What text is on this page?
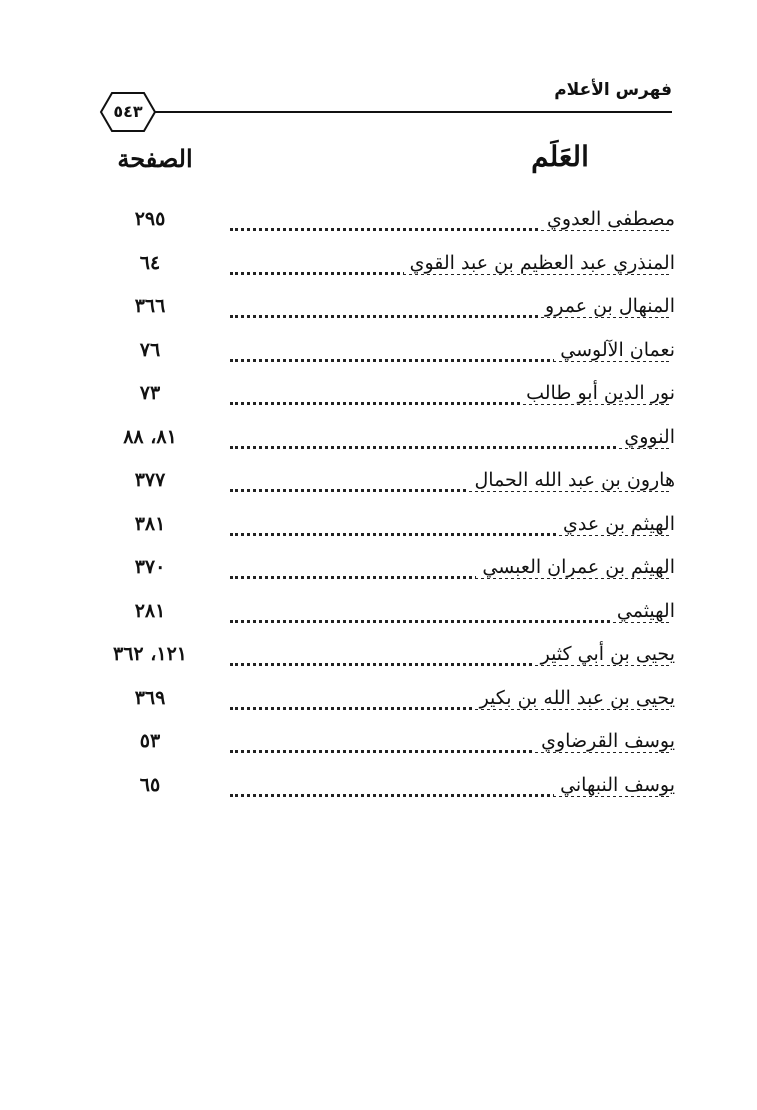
فهرس الأعلام
٥٤٣
العَلَم
الصفحة
مصطفى العدوي
٢٩٥
المنذري عبد العظيم بن عبد القوي
٦٤
المنهال بن عمرو
٣٦٦
نعمان الآلوسي
٧٦
نور الدين أبو طالب
٧٣
النووي
٨١، ٨٨
هارون بن عبد الله الحمال
٣٧٧
الهيثم بن عدي
٣٨١
الهيثم بن عمران العبسي
٣٧٠
الهيثمي
٢٨١
يحيى بن أبي كثير
١٢١، ٣٦٢
يحيى بن عبد الله بن بكير
٣٦٩
يوسف القرضاوي
٥٣
يوسف النبهاني
٦٥
